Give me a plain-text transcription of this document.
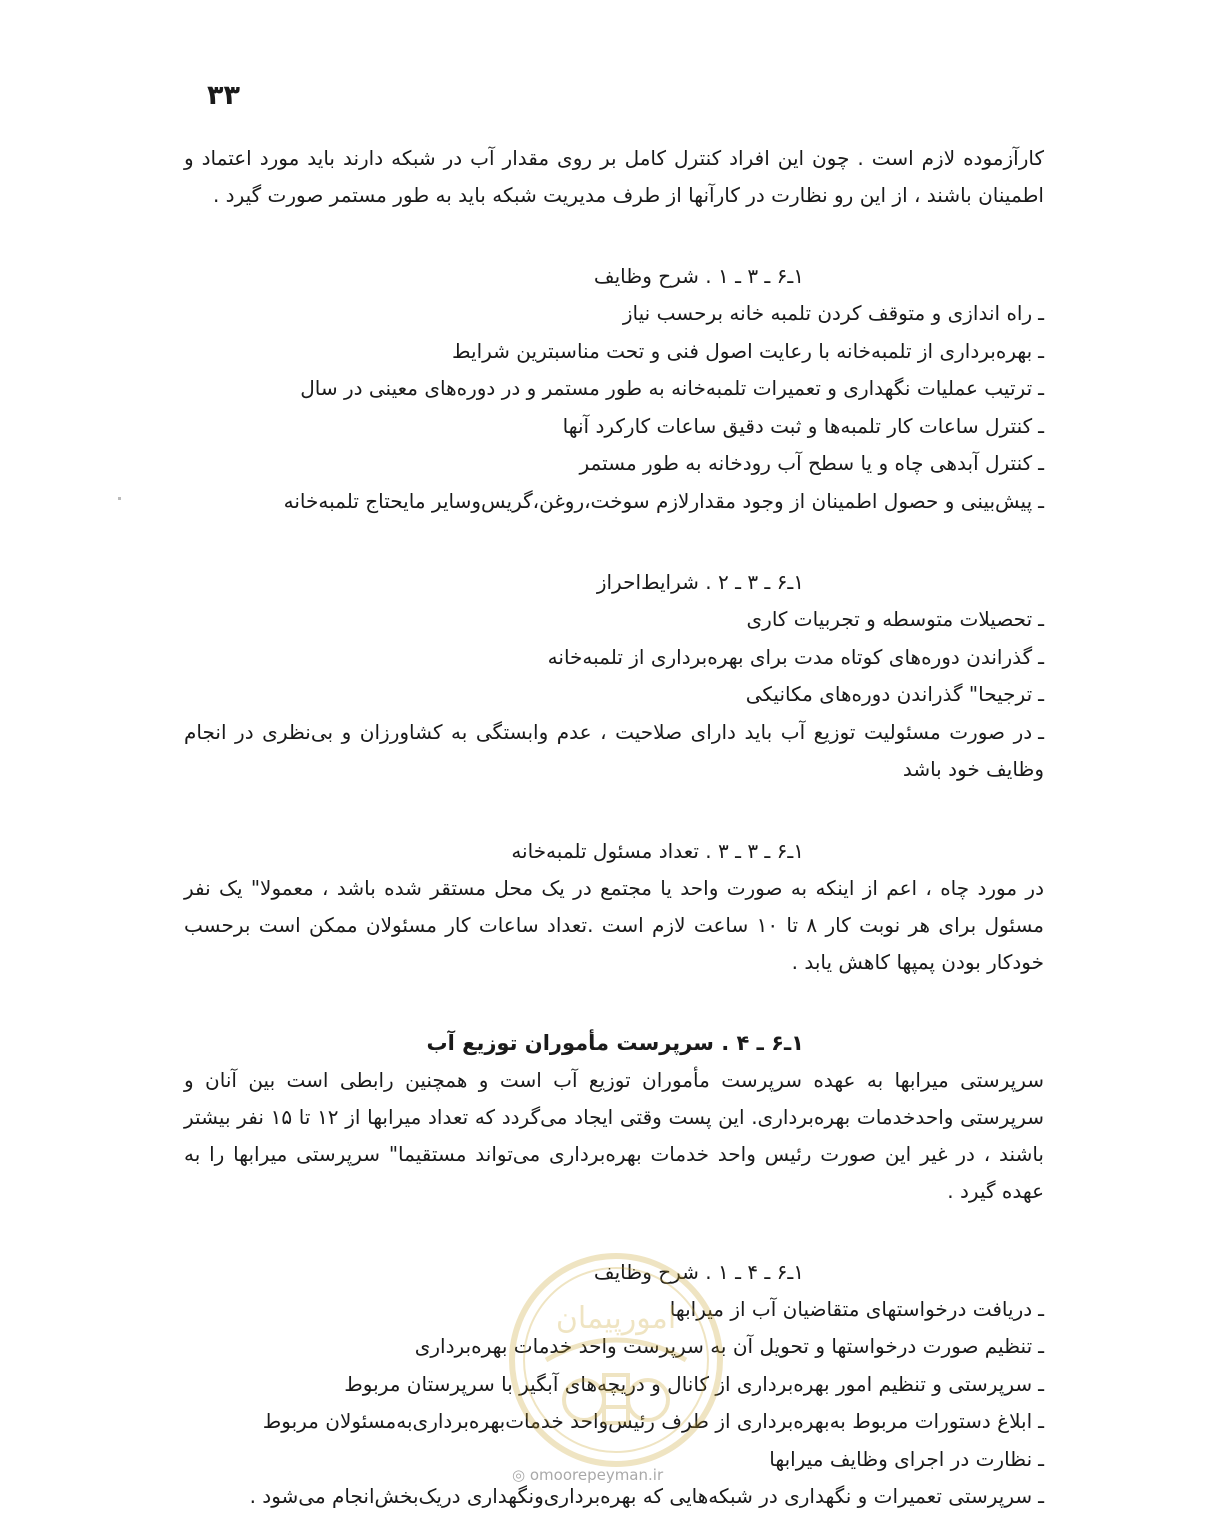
۳۳

کارآزموده لازم است . چون این افراد کنترل کامل بر روی مقدار آب در شبکه دارند باید مورد اعتماد و اطمینان باشند ، از این رو نظارت در کارآنها از طرف مدیریت شبکه باید به طور مستمر صورت گیرد .

۱ـ۶ ـ ۳ ـ ۱ . شرح وظایف
ـراه اندازی و متوقف کردن تلمبه خانه برحسب نیاز
ـبهره‌برداری از تلمبه‌خانه با رعایت اصول فنی و تحت مناسبترین شرایط
ـترتیب عملیات نگهداری و تعمیرات تلمبه‌خانه به طور مستمر و در دوره‌های معینی در سال
ـکنترل ساعات کار تلمبه‌ها و ثبت دقیق ساعات کارکرد آنها
ـکنترل آبدهی چاه و یا سطح آب رودخانه به طور مستمر
ـپیش‌بینی و حصول اطمینان از وجود مقدارلازم سوخت،روغن،گریس‌وسایر مایحتاج تلمبه‌خانه
۱ـ۶ ـ ۳ ـ ۲ . شرایط‌احراز
ـتحصیلات متوسطه و تجربیات کاری
ـگذراندن دوره‌های کوتاه مدت برای بهره‌برداری از تلمبه‌خانه
ـترجیحا" گذراندن دوره‌های مکانیکی
ـدر صورت مسئولیت توزیع آب باید دارای صلاحیت ، عدم وابستگی به کشاورزان و بی‌نظری در انجام وظایف خود باشد
۱ـ۶ ـ ۳ ـ ۳ . تعداد مسئول تلمبه‌خانه

در مورد چاه ، اعم از اینکه به صورت واحد یا مجتمع در یک محل مستقر شده باشد ، معمولا" یک نفر مسئول برای هر نوبت کار ۸ تا ۱۰ ساعت لازم است .تعداد ساعات کار مسئولان ممکن است برحسب خودکار بودن پمپها کاهش یابد .

۱ـ۶ ـ ۴ . سرپرست مأموران توزیع آب

سرپرستی میرابها به عهده سرپرست مأموران توزیع آب است و همچنین رابطی است بین آنان و سرپرستی واحدخدمات بهره‌برداری. این پست وقتی ایجاد می‌گردد که تعداد میرابها از ۱۲ تا ۱۵ نفر بیشتر باشند ، در غیر این صورت رئیس واحد خدمات بهره‌برداری می‌تواند مستقیما" سرپرستی میرابها را به عهده گیرد .

۱ـ۶ ـ ۴ ـ ۱ . شرح وظایف
ـدریافت درخواستهای متقاضیان آب از میرابها
ـتنظیم صورت درخواستها و تحویل آن به سرپرست واحد خدمات بهره‌برداری
ـسرپرستی و تنظیم امور بهره‌برداری از کانال و دریچه‌های آبگیر با سرپرستان مربوط
ـابلاغ دستورات مربوط به‌بهره‌برداری از طرف رئیس‌واحد خدمات‌بهره‌برداری‌به‌مسئولان مربوط
ـنظارت در اجرای وظایف میرابها
ـسرپرستی تعمیرات و نگهداری در شبکه‌هایی که بهره‌برداری‌ونگهداری دریک‌بخش‌انجام می‌شود .
امورپیمان
◎ omoorepeyman.ir
